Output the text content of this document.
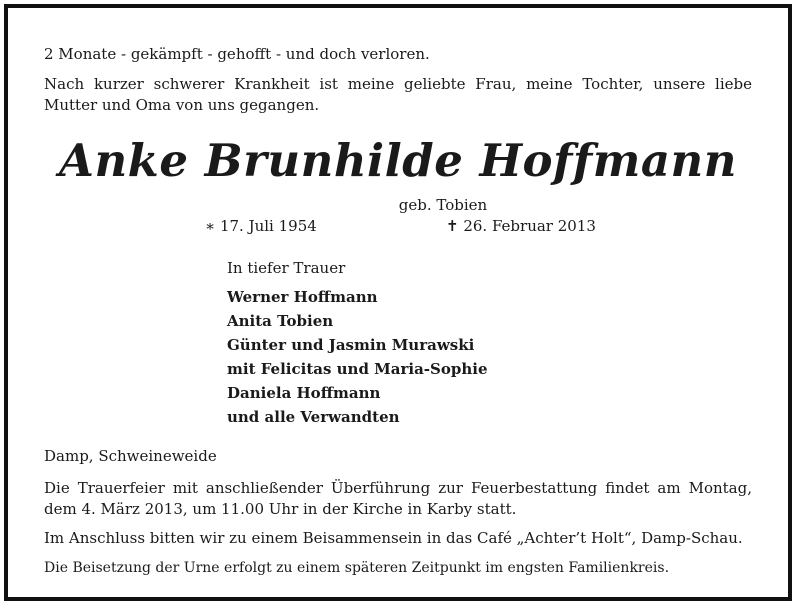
2 Monate - gekämpft - gehofft - und doch verloren.
Nach kurzer schwerer Krankheit ist meine geliebte Frau, meine Tochter, unsere liebe Mutter und Oma von uns gegangen.
Anke Brunhilde Hoffmann
geb. Tobien
∗ 17. Juli 1954	✝ 26. Februar 2013
In tiefer Trauer
Werner Hoffmann
Anita Tobien
Günter und Jasmin Murawski
mit Felicitas und Maria-Sophie
Daniela Hoffmann
und alle Verwandten
Damp, Schweineweide
Die Trauerfeier mit anschließender Überführung zur Feuerbestattung findet am Montag, dem 4. März 2013, um 11.00 Uhr in der Kirche in Karby statt.
Im Anschluss bitten wir zu einem Beisammensein in das Café „Achter’t Holt“, Damp-Schau.
Die Beisetzung der Urne erfolgt zu einem späteren Zeitpunkt im engsten Familienkreis.
